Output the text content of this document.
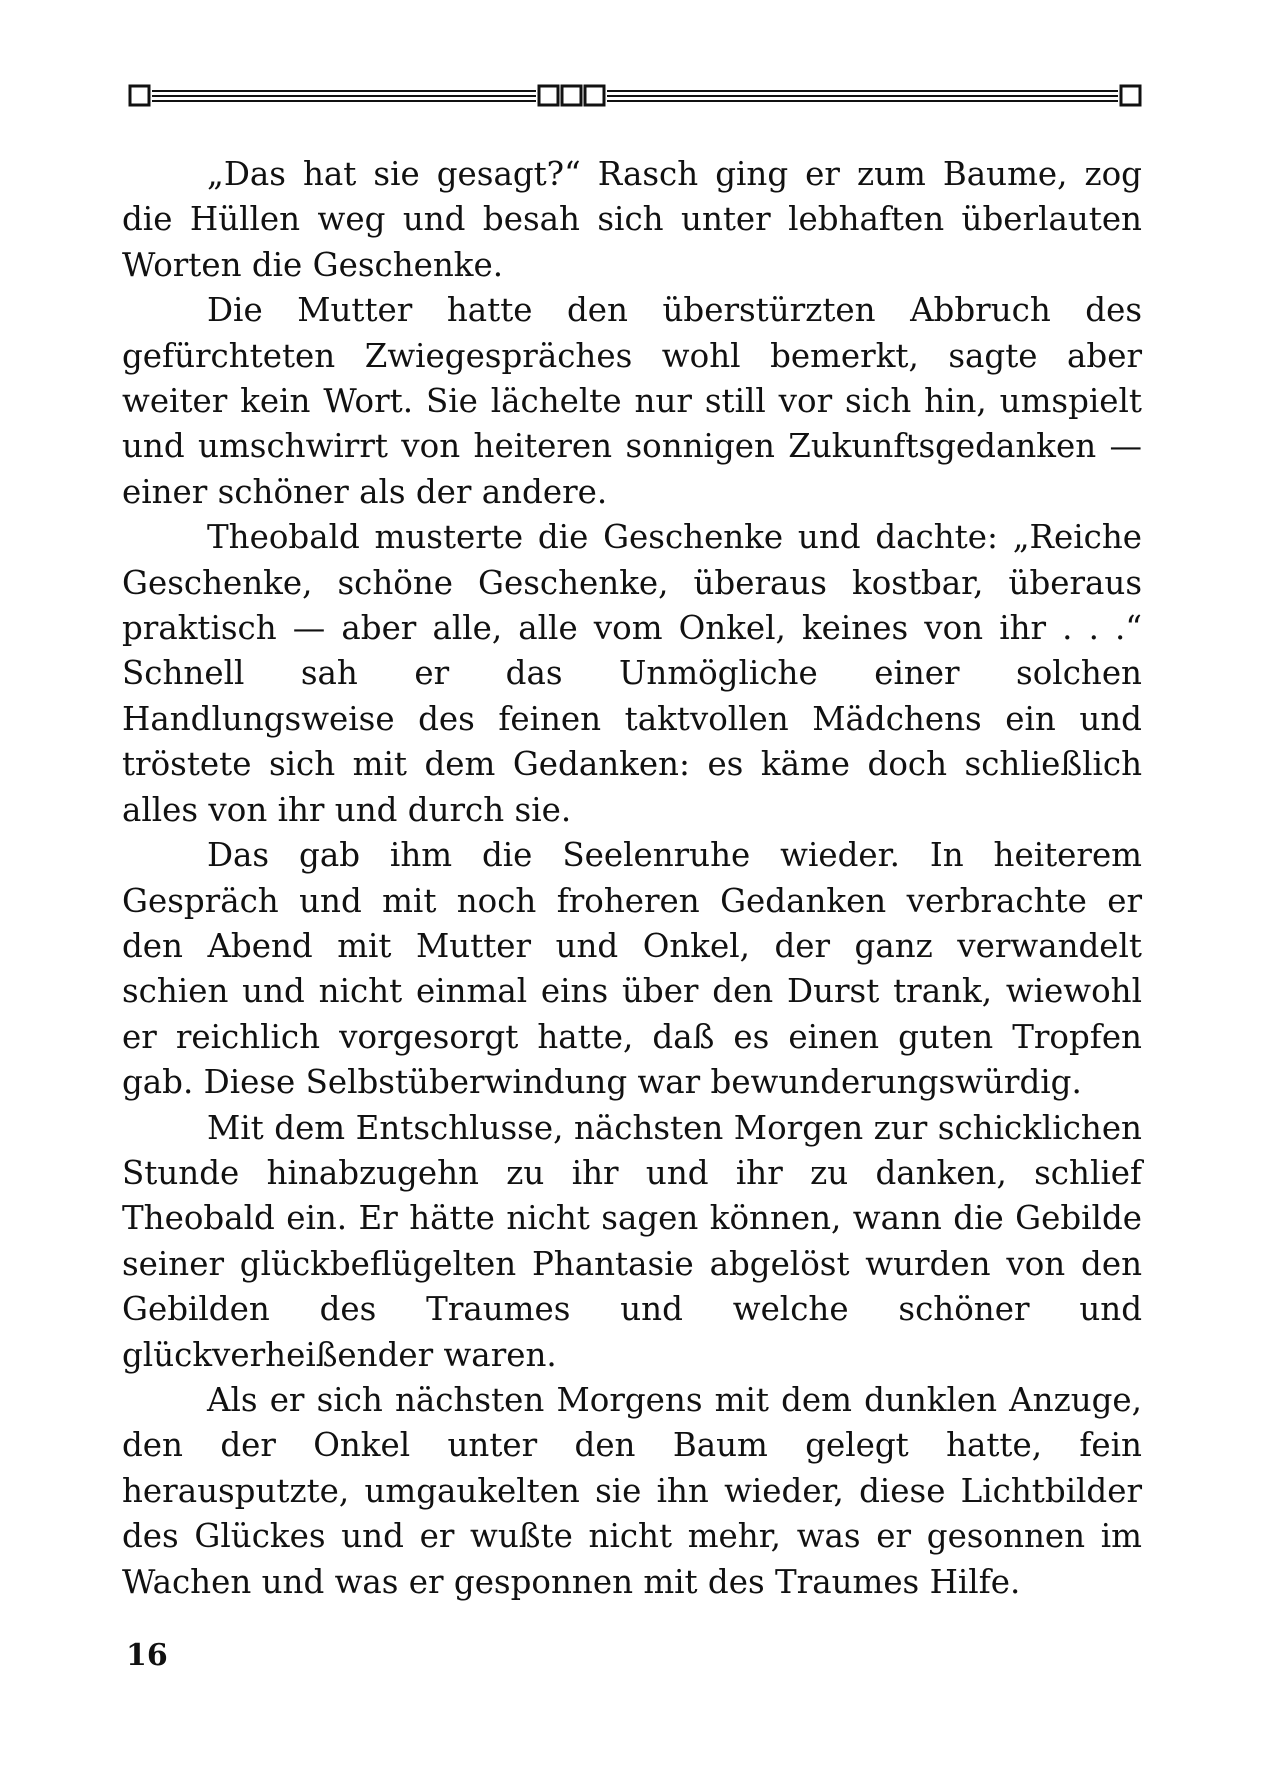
„Das hat sie gesagt?“ Rasch ging er zum Baume, zog die Hüllen weg und besah sich unter lebhaften überlauten Worten die Geschenke.

Die Mutter hatte den überstürzten Abbruch des gefürchteten Zwiegespräches wohl bemerkt, sagte aber weiter kein Wort. Sie lächelte nur still vor sich hin, umspielt und umschwirrt von heiteren sonnigen Zukunftsgedanken — einer schöner als der andere.

Theobald musterte die Geschenke und dachte: „Reiche Geschenke, schöne Geschenke, überaus kostbar, überaus praktisch — aber alle, alle vom Onkel, keines von ihr . . .“ Schnell sah er das Unmögliche einer solchen Handlungsweise des feinen taktvollen Mädchens ein und tröstete sich mit dem Gedanken: es käme doch schließlich alles von ihr und durch sie.

Das gab ihm die Seelenruhe wieder. In heiterem Gespräch und mit noch froheren Gedanken verbrachte er den Abend mit Mutter und Onkel, der ganz verwandelt schien und nicht einmal eins über den Durst trank, wiewohl er reichlich vorgesorgt hatte, daß es einen guten Tropfen gab. Diese Selbstüberwindung war bewunderungswürdig.

Mit dem Entschlusse, nächsten Morgen zur schicklichen Stunde hinabzugehn zu ihr und ihr zu danken, schlief Theobald ein. Er hätte nicht sagen können, wann die Gebilde seiner glückbeflügelten Phantasie abgelöst wurden von den Gebilden des Traumes und welche schöner und glückverheißender waren.

Als er sich nächsten Morgens mit dem dunklen Anzuge, den der Onkel unter den Baum gelegt hatte, fein herausputzte, umgaukelten sie ihn wieder, diese Lichtbilder des Glückes und er wußte nicht mehr, was er gesonnen im Wachen und was er gesponnen mit des Traumes Hilfe.

16
